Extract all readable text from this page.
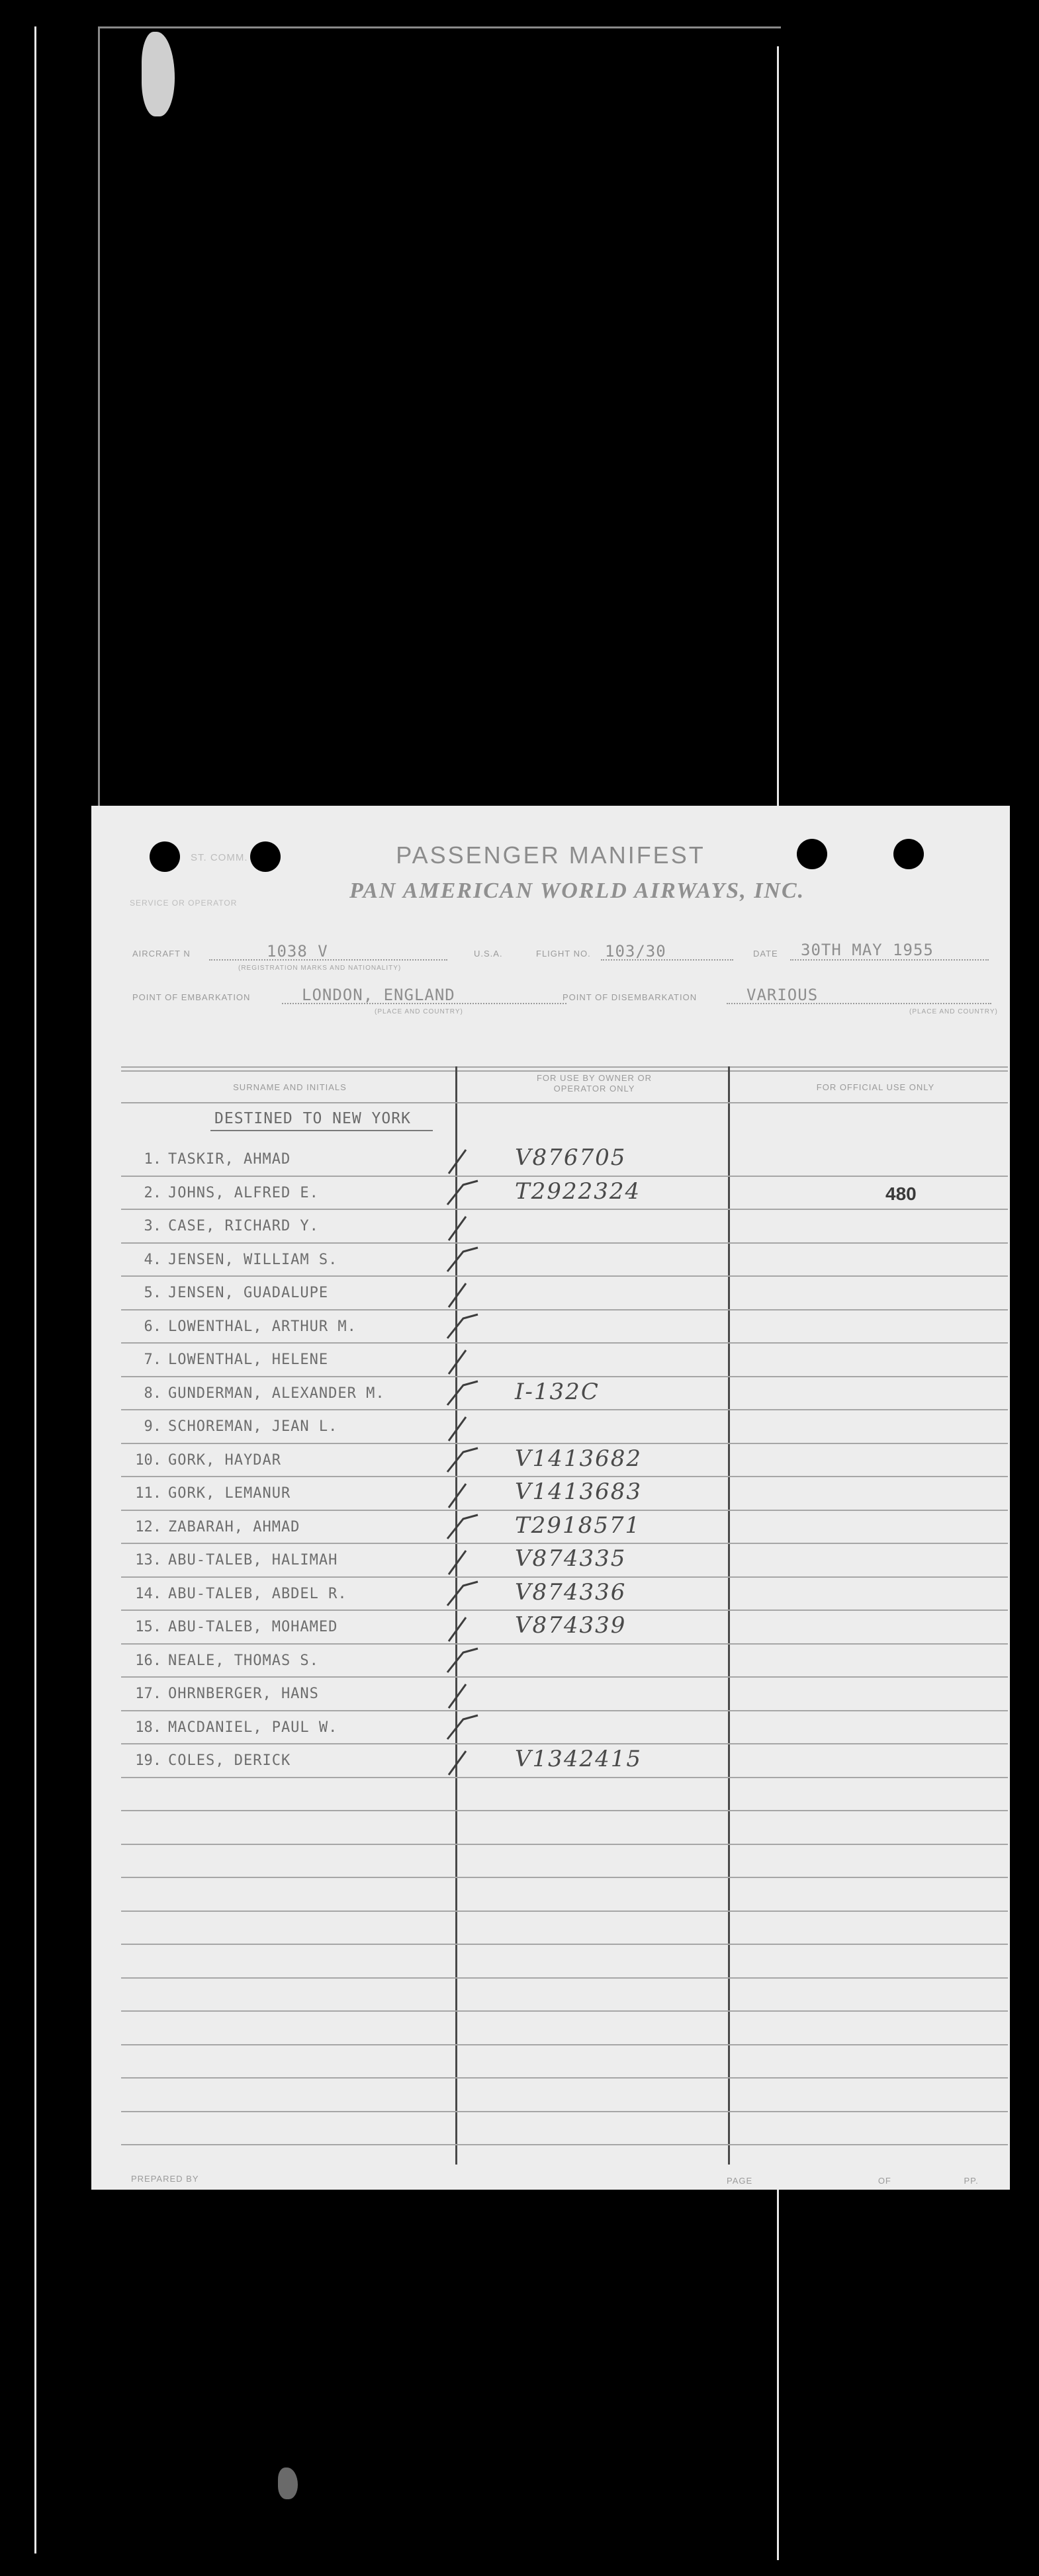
ST. COMM.
SERVICE OR OPERATOR
PASSENGER MANIFEST
PAN AMERICAN WORLD AIRWAYS, INC.
AIRCRAFT N	1038 V
(REGISTRATION MARKS AND NATIONALITY)
U.S.A.	FLIGHT NO. 103/30	DATE 30TH MAY 1955
POINT OF EMBARKATION	LONDON, ENGLAND
(PLACE AND COUNTRY)
POINT OF DISEMBARKATION	VARIOUS
(PLACE AND COUNTRY)
SURNAME AND INITIALS
FOR USE BY OWNER OR OPERATOR ONLY	FOR OFFICIAL USE ONLY
DESTINED TO NEW YORK
1. TASKIR, AHMAD	V876705
2. JOHNS, ALFRED E.	T2922324	480
3. CASE, RICHARD Y.
4. JENSEN, WILLIAM S.
5. JENSEN, GUADALUPE
6. LOWENTHAL, ARTHUR M.
7. LOWENTHAL, HELENE
8. GUNDERMAN, ALEXANDER M.	I-132C
9. SCHOREMAN, JEAN L.
10. GORK, HAYDAR	V1413682
11. GORK, LEMANUR	V1413683
12. ZABARAH, AHMAD	T2918571
13. ABU-TALEB, HALIMAH	V874335
14. ABU-TALEB, ABDEL R.	V874336
15. ABU-TALEB, MOHAMED	V874339
16. NEALE, THOMAS S.
17. OHRNBERGER, HANS
18. MACDANIEL, PAUL W.
19. COLES, DERICK	V1342415
PREPARED BY	PAGE	OF	PP.
